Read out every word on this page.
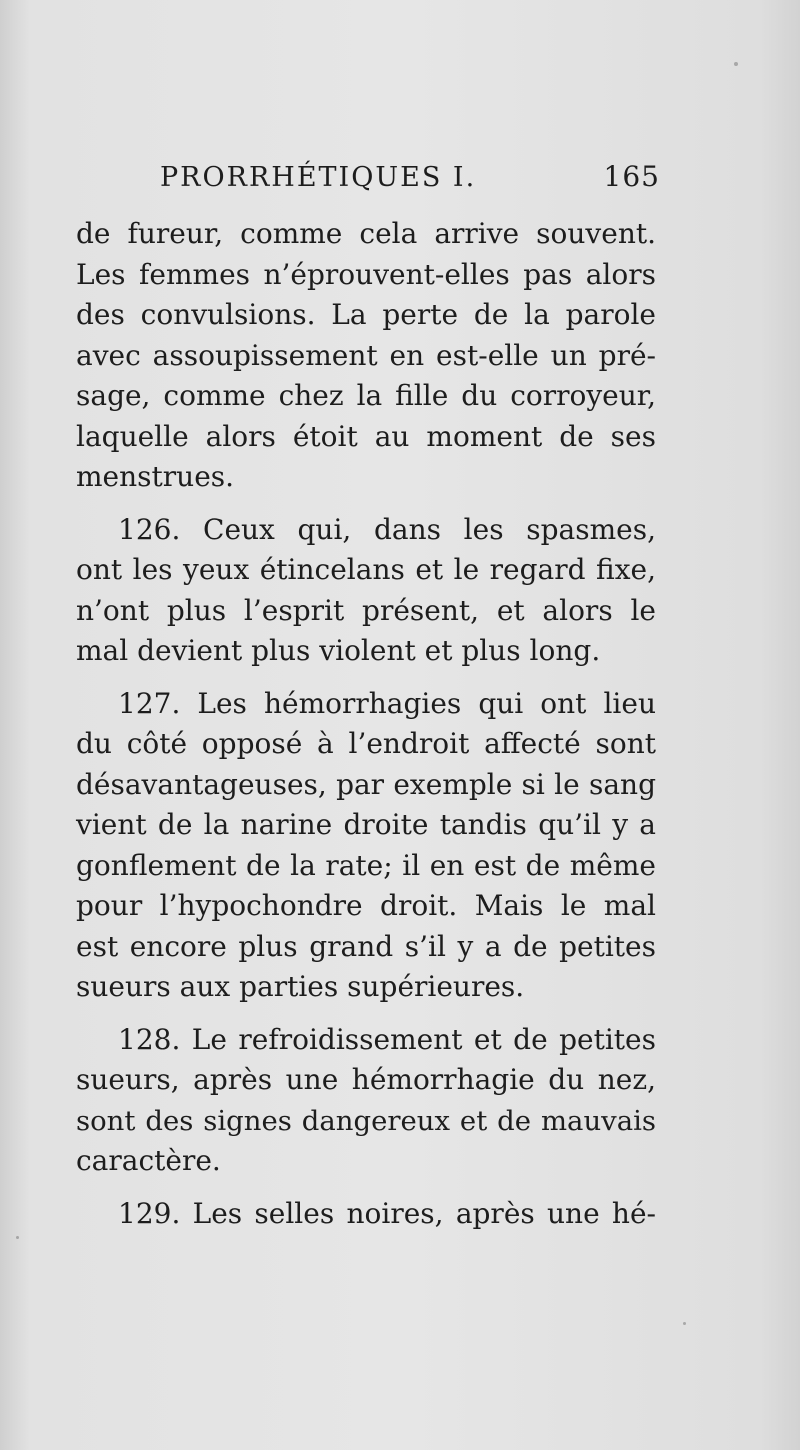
PRORRHÉTIQUES I.	165
de fureur, comme cela arrive souvent.
Les femmes n’éprouvent-elles pas alors
des convulsions. La perte de la parole
avec assoupissement en est-elle un pré-
sage, comme chez la fille du corroyeur,
laquelle alors étoit au moment de ses
menstrues.
126. Ceux qui, dans les spasmes,
ont les yeux étincelans et le regard fixe,
n’ont plus l’esprit présent, et alors le
mal devient plus violent et plus long.
127. Les hémorrhagies qui ont lieu
du côté opposé à l’endroit affecté sont
désavantageuses, par exemple si le sang
vient de la narine droite tandis qu’il y a
gonflement de la rate; il en est de même
pour l’hypochondre droit. Mais le mal
est encore plus grand s’il y a de petites
sueurs aux parties supérieures.
128. Le refroidissement et de petites
sueurs, après une hémorrhagie du nez,
sont des signes dangereux et de mauvais
caractère.
129. Les selles noires, après une hé-
